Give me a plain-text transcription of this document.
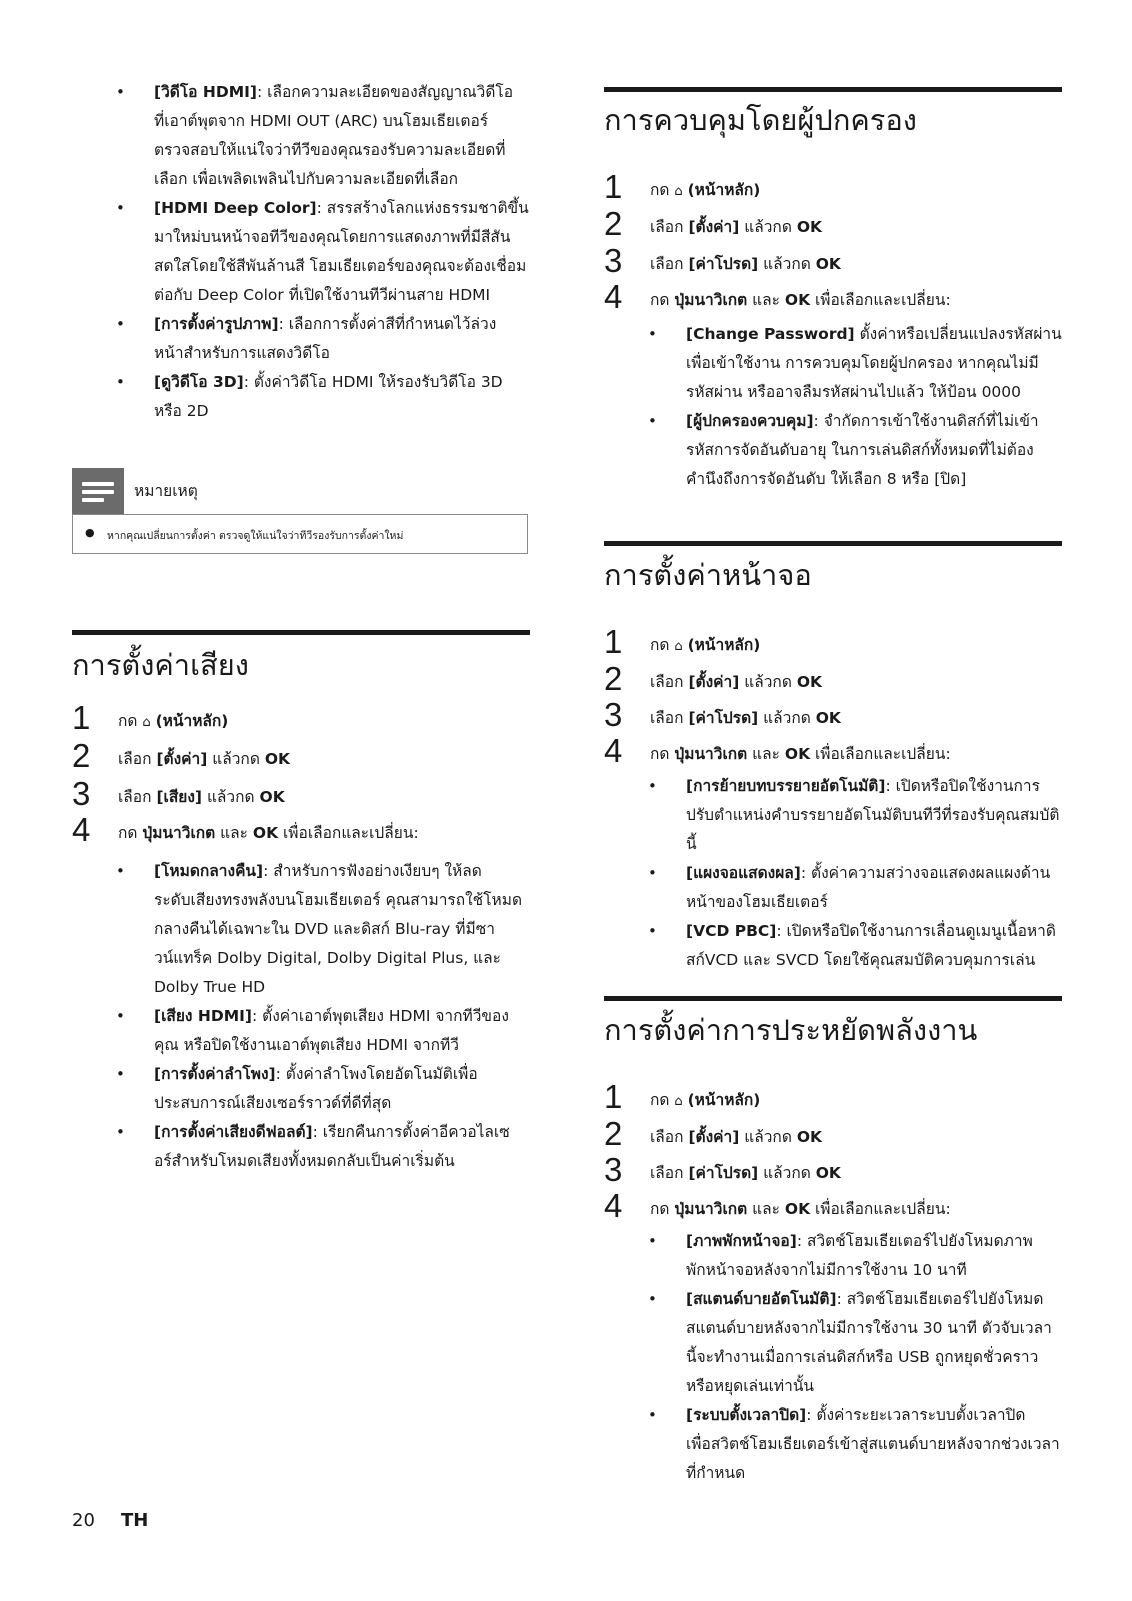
• [วิดีโอ HDMI]: เลือกความละเอียดของสัญญาณวิดีโอ
ที่เอาต์พุตจาก HDMI OUT (ARC) บนโฮมเธียเตอร์
ตรวจสอบให้แน่ใจว่าทีวีของคุณรองรับความละเอียดที่
เลือก เพื่อเพลิดเพลินไปกับความละเอียดที่เลือก
• [HDMI Deep Color]: สรรสร้างโลกแห่งธรรมชาติขึ้น
มาใหม่บนหน้าจอทีวีของคุณโดยการแสดงภาพที่มีสีสัน
สดใสโดยใช้สีพันล้านสี โฮมเธียเตอร์ของคุณจะต้องเชื่อม
ต่อกับ Deep Color ที่เปิดใช้งานทีวีผ่านสาย HDMI
• [การตั้งค่ารูปภาพ]: เลือกการตั้งค่าสีที่กำหนดไว้ล่วง
หน้าสำหรับการแสดงวิดีโอ
• [ดูวิดีโอ 3D]: ตั้งค่าวิดีโอ HDMI ให้รองรับวิดีโอ 3D
หรือ 2D
หมายเหตุ
● หากคุณเปลี่ยนการตั้งค่า ตรวจดูให้แน่ใจว่าทีวีรองรับการตั้งค่าใหม่
การตั้งค่าเสียง
1 กด ⌂ (หน้าหลัก)
2 เลือก [ตั้งค่า] แล้วกด OK
3 เลือก [เสียง] แล้วกด OK
4 กด ปุ่มนาวิเกต และ OK เพื่อเลือกและเปลี่ยน:
• [โหมดกลางคืน]: สำหรับการฟังอย่างเงียบๆ ให้ลด
ระดับเสียงทรงพลังบนโฮมเธียเตอร์ คุณสามารถใช้โหมด
กลางคืนได้เฉพาะใน DVD และดิสก์ Blu-ray ที่มีซา
วน์แทร็ค Dolby Digital, Dolby Digital Plus, และ
Dolby True HD
• [เสียง HDMI]: ตั้งค่าเอาต์พุตเสียง HDMI จากทีวีของ
คุณ หรือปิดใช้งานเอาต์พุตเสียง HDMI จากทีวี
• [การตั้งค่าลำโพง]: ตั้งค่าลำโพงโดยอัตโนมัติเพื่อ
ประสบการณ์เสียงเซอร์ราวด์ที่ดีที่สุด
• [การตั้งค่าเสียงดีฟอลต์]: เรียกคืนการตั้งค่าอีควอไลเซ
อร์สำหรับโหมดเสียงทั้งหมดกลับเป็นค่าเริ่มต้น
การควบคุมโดยผู้ปกครอง
1 กด ⌂ (หน้าหลัก)
2 เลือก [ตั้งค่า] แล้วกด OK
3 เลือก [ค่าโปรด] แล้วกด OK
4 กด ปุ่มนาวิเกต และ OK เพื่อเลือกและเปลี่ยน:
• [Change Password] ตั้งค่าหรือเปลี่ยนแปลงรหัสผ่าน
เพื่อเข้าใช้งาน การควบคุมโดยผู้ปกครอง หากคุณไม่มี
รหัสผ่าน หรืออาจลืมรหัสผ่านไปแล้ว ให้ป้อน 0000
• [ผู้ปกครองควบคุม]: จำกัดการเข้าใช้งานดิสก์ที่ไม่เข้า
รหัสการจัดอันดับอายุ ในการเล่นดิสก์ทั้งหมดที่ไม่ต้อง
คำนึงถึงการจัดอันดับ ให้เลือก 8 หรือ [ปิด]
การตั้งค่าหน้าจอ
1 กด ⌂ (หน้าหลัก)
2 เลือก [ตั้งค่า] แล้วกด OK
3 เลือก [ค่าโปรด] แล้วกด OK
4 กด ปุ่มนาวิเกต และ OK เพื่อเลือกและเปลี่ยน:
• [การย้ายบทบรรยายอัตโนมัติ]: เปิดหรือปิดใช้งานการ
ปรับตำแหน่งคำบรรยายอัตโนมัติบนทีวีที่รองรับคุณสมบัตินี้
• [แผงจอแสดงผล]: ตั้งค่าความสว่างจอแสดงผลแผงด้าน
หน้าของโฮมเธียเตอร์
• [VCD PBC]: เปิดหรือปิดใช้งานการเลื่อนดูเมนูเนื้อหาดิ
สก์VCD และ SVCD โดยใช้คุณสมบัติควบคุมการเล่น
การตั้งค่าการประหยัดพลังงาน
1 กด ⌂ (หน้าหลัก)
2 เลือก [ตั้งค่า] แล้วกด OK
3 เลือก [ค่าโปรด] แล้วกด OK
4 กด ปุ่มนาวิเกต และ OK เพื่อเลือกและเปลี่ยน:
• [ภาพพักหน้าจอ]: สวิตช์โฮมเธียเตอร์ไปยังโหมดภาพ
พักหน้าจอหลังจากไม่มีการใช้งาน 10 นาที
• [สแตนด์บายอัตโนมัติ]: สวิตช์โฮมเธียเตอร์ไปยังโหมด
สแตนด์บายหลังจากไม่มีการใช้งาน 30 นาที ตัวจับเวลา
นี้จะทำงานเมื่อการเล่นดิสก์หรือ USB ถูกหยุดชั่วคราว
หรือหยุดเล่นเท่านั้น
• [ระบบตั้งเวลาปิด]: ตั้งค่าระยะเวลาระบบตั้งเวลาปิด
เพื่อสวิตช์โฮมเธียเตอร์เข้าสู่สแตนด์บายหลังจากช่วงเวลา
ที่กำหนด
20 TH
